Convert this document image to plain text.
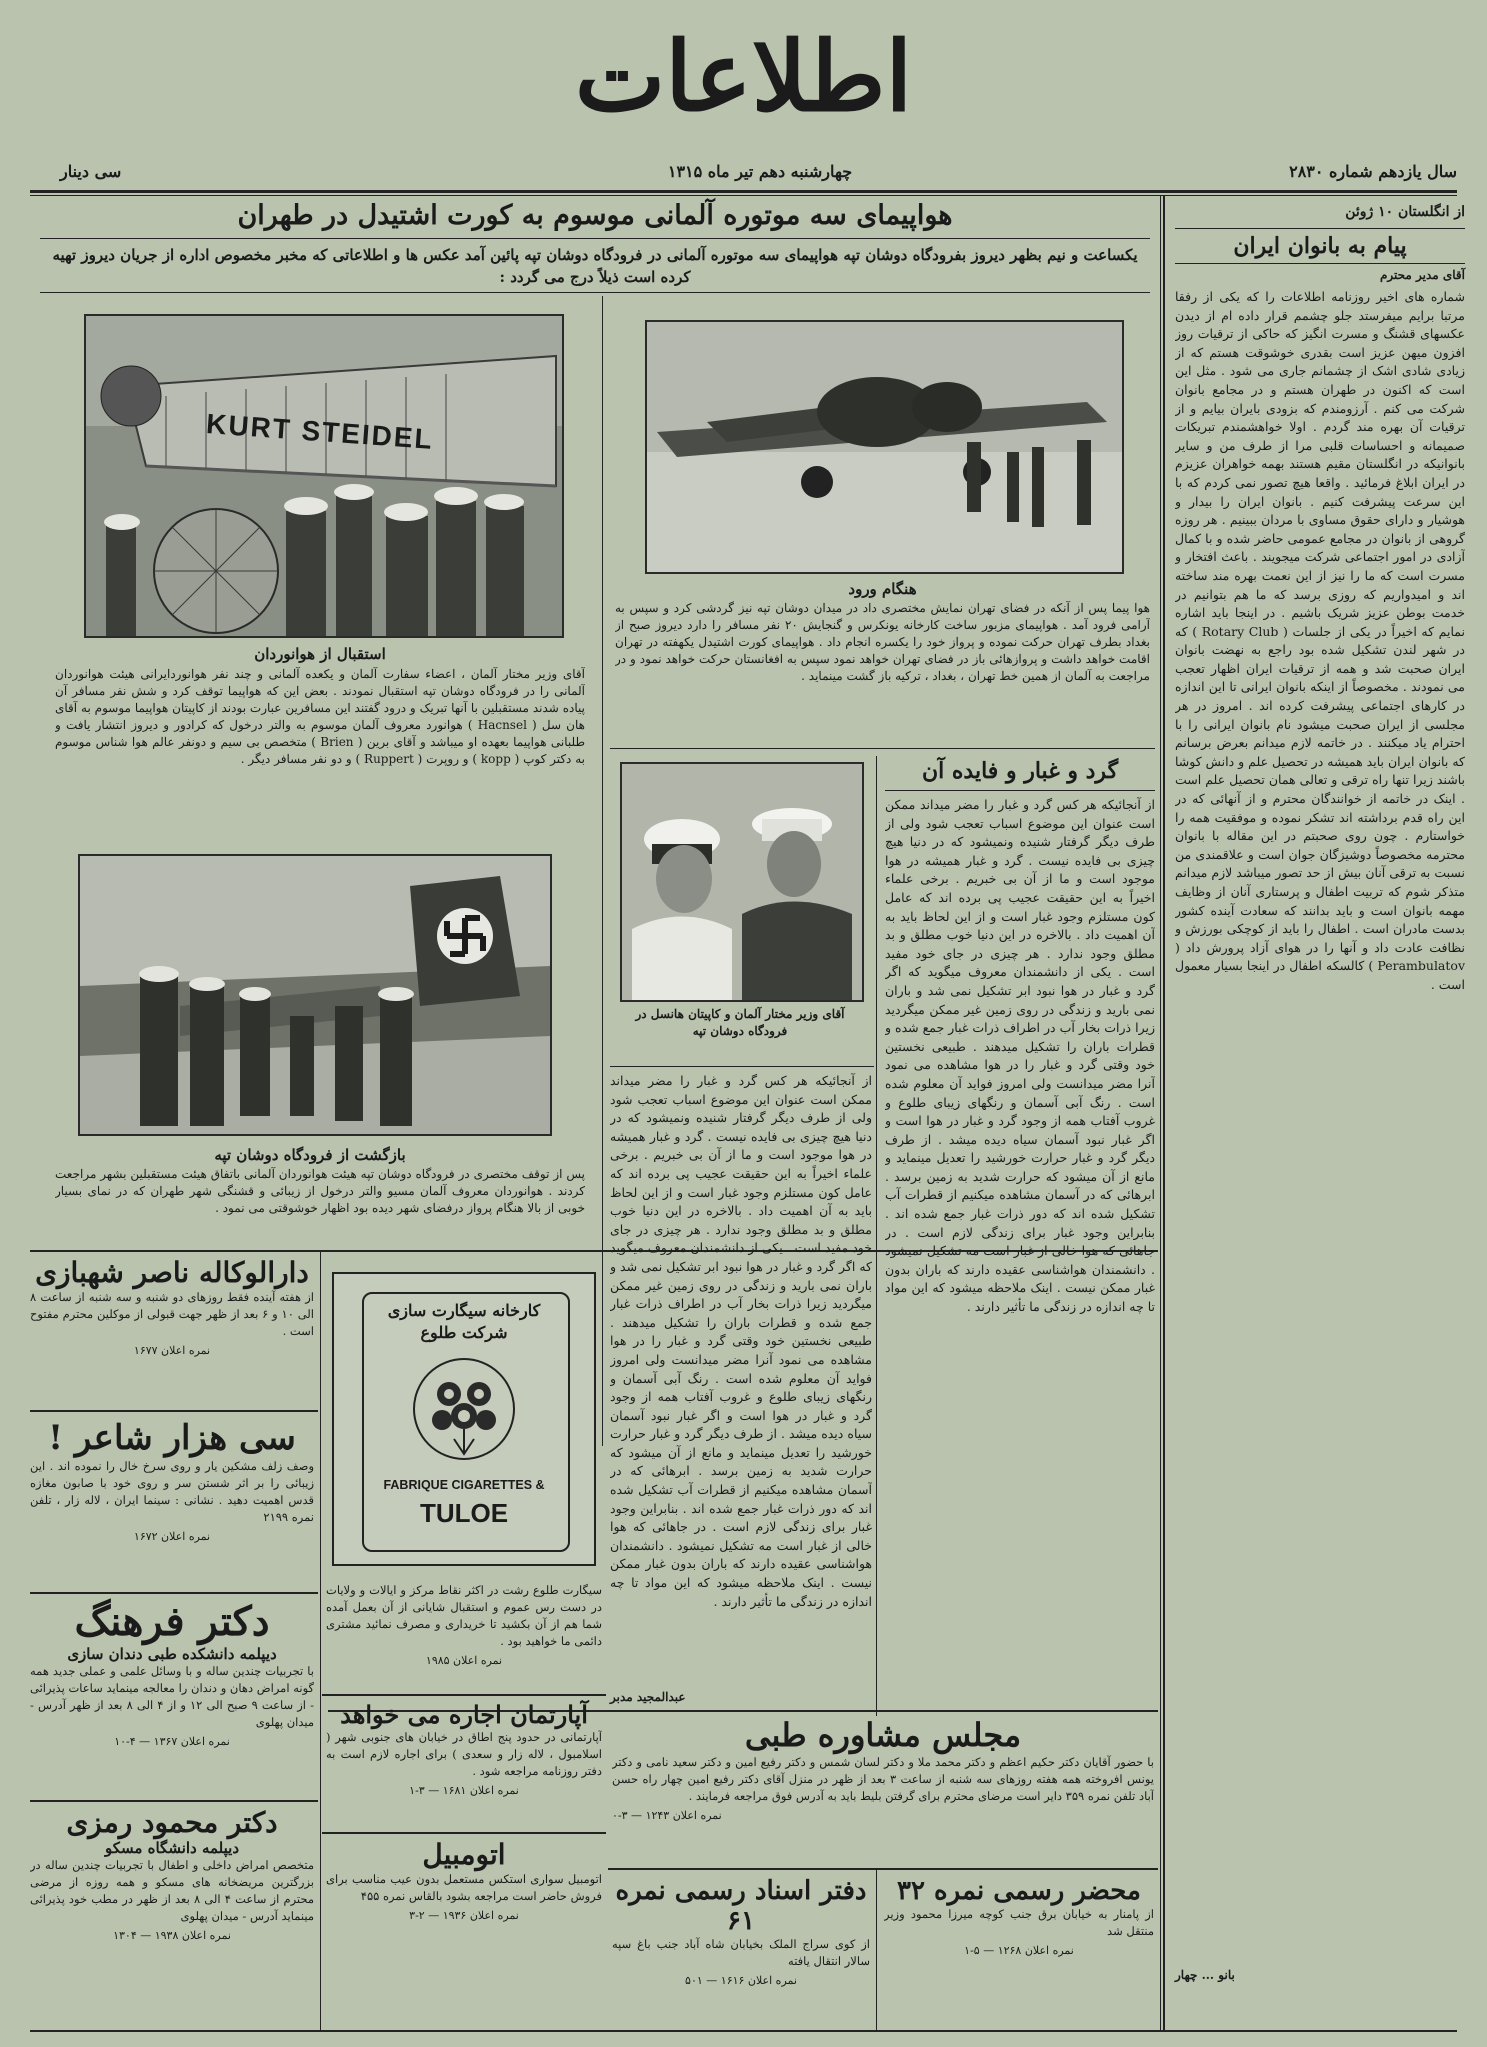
اطلاعات
سال یازدهم شماره ۲۸۳۰
چهارشنبه دهم تیر ماه ۱۳۱۵
سی دینار
از انگلستان ۱۰ ژوئن
پیام به بانوان ایران
آقای مدیر محترم
شماره های اخیر روزنامه اطلاعات را که یکی از رفقا مرتبا برایم میفرستد جلو چشمم قرار داده ام از دیدن عکسهای قشنگ و مسرت انگیز که حاکی از ترقیات روز افزون میهن عزیز است بقدری خوشوقت هستم که از زیادی شادی اشک از چشمانم جاری می شود . مثل این است که اکنون در طهران هستم و در مجامع بانوان شرکت می کنم . آرزومندم که بزودی بایران بیایم و از ترقیات آن بهره مند گردم . اولا خواهشمندم تبریکات صمیمانه و احساسات قلبی مرا از طرف من و سایر بانوانیکه در انگلستان مقیم هستند بهمه خواهران عزیزم در ایران ابلاغ فرمائید . واقعا هیچ تصور نمی کردم که با این سرعت پیشرفت کنیم . بانوان ایران را بیدار و هوشیار و دارای حقوق مساوی با مردان ببینیم . هر روزه گروهی از بانوان در مجامع عمومی حاضر شده و با کمال آزادی در امور اجتماعی شرکت میجویند . باعث افتخار و مسرت است که ما را نیز از این نعمت بهره مند ساخته اند و امیدواریم که روزی برسد که ما هم بتوانیم در خدمت بوطن عزیز شریک باشیم . در اینجا باید اشاره نمایم که اخیراً در یکی از جلسات ( Rotary Club ) که در شهر لندن تشکیل شده بود راجع به نهضت بانوان ایران صحبت شد و همه از ترقیات ایران اظهار تعجب می نمودند . مخصوصاً از اینکه بانوان ایرانی تا این اندازه در کارهای اجتماعی پیشرفت کرده اند . امروز در هر مجلسی از ایران صحبت میشود نام بانوان ایرانی را با احترام یاد میکنند . در خاتمه لازم میدانم بعرض برسانم که بانوان ایران باید همیشه در تحصیل علم و دانش کوشا باشند زیرا تنها راه ترقی و تعالی همان تحصیل علم است . اینک در خاتمه از خوانندگان محترم و از آنهائی که در این راه قدم برداشته اند تشکر نموده و موفقیت همه را خواستارم . چون روی صحبتم در این مقاله با بانوان محترمه مخصوصاً دوشیزگان جوان است و علاقمندی من نسبت به ترقی آنان بیش از حد تصور میباشد لازم میدانم متذکر شوم که تربیت اطفال و پرستاری آنان از وظایف مهمه بانوان است و باید بدانند که سعادت آینده کشور بدست مادران است . اطفال را باید از کوچکی بورزش و نظافت عادت داد و آنها را در هوای آزاد پرورش داد ( Perambulatov ) کالسکه اطفال در اینجا بسیار معمول است .
بانو ... چهار
هواپیمای سه موتوره آلمانی موسوم به کورت اشتیدل در طهران
یکساعت و نیم بظهر دیروز بفرودگاه دوشان تپه هواپیمای سه موتوره آلمانی در فرودگاه دوشان تپه پائین آمد عکس ها و اطلاعاتی که مخبر مخصوص اداره از جریان دیروز تهیه کرده است ذیلاً درج می گردد :
KURT STEIDEL
استقبال از هوانوردان
آقای وزیر مختار آلمان ، اعضاء سفارت آلمان و یکعده آلمانی و چند نفر هوانوردایرانی هیئت هوانوردان آلمانی را در فرودگاه دوشان تپه استقبال نمودند . بعض این که هواپیما توقف کرد و شش نفر مسافر آن پیاده شدند مستقبلین با آنها تبریک و درود گفتند این مسافرین عبارت بودند از کاپیتان هواپیما موسوم به آقای هان سل ( Hacnsel ) هوانورد معروف آلمان موسوم به والتر درخول که کرادور و دیروز انتشار یافت و طلبانی هواپیما بعهده او میباشد و آقای برین ( Brien ) متخصص بی سیم و دونفر عالم هوا شناس موسوم به دکتر کوپ ( kopp ) و روپرت ( Ruppert ) و دو نفر مسافر دیگر .
هنگام ورود
هوا پیما پس از آنکه در فضای تهران نمایش مختصری داد در میدان دوشان تپه نیز گردشی کرد و سپس به آرامی فرود آمد . هواپیمای مزبور ساخت کارخانه یونکرس و گنجایش ۲۰ نفر مسافر را دارد دیروز صبح از بغداد بطرف تهران حرکت نموده و پرواز خود را یکسره انجام داد . هواپیمای کورت اشتیدل یکهفته در تهران اقامت خواهد داشت و پروازهائی باز در فضای تهران خواهد نمود سپس به افغانستان حرکت خواهد نمود و در مراجعت به آلمان از همین خط تهران ، بغداد ، ترکیه باز گشت مینماید .
بازگشت از فرودگاه دوشان تپه
پس از توقف مختصری در فرودگاه دوشان تپه هیئت هوانوردان آلمانی باتفاق هیئت مستقبلین بشهر مراجعت کردند . هوانوردان معروف آلمان مسیو والتر درخول از زیبائی و قشنگی شهر طهران که در نمای بسیار خوبی از بالا هنگام پرواز درفضای شهر دیده بود اظهار خوشوقتی می نمود .
آقای وزیر مختار آلمان و کاپیتان هانسل در فرودگاه دوشان تپه
گرد و غبار و فایده آن
از آنجائیکه هر کس گرد و غبار را مضر میداند ممکن است عنوان این موضوع اسباب تعجب شود ولی از طرف دیگر گرفتار شنیده ونمیشود که در دنیا هیچ چیزی بی فایده نیست . گرد و غبار همیشه در هوا موجود است و ما از آن بی خبریم . برخی علماء اخیراً به این حقیقت عجیب پی برده اند که عامل کون مستلزم وجود غبار است و از این لحاظ باید به آن اهمیت داد . بالاخره در این دنیا خوب مطلق و بد مطلق وجود ندارد . هر چیزی در جای خود مفید است . یکی از دانشمندان معروف میگوید که اگر گرد و غبار در هوا نبود ابر تشکیل نمی شد و باران نمی بارید و زندگی در روی زمین غیر ممکن میگردید زیرا ذرات بخار آب در اطراف ذرات غبار جمع شده و قطرات باران را تشکیل میدهند . طبیعی نخستین خود وقتی گرد و غبار را در هوا مشاهده می نمود آنرا مضر میدانست ولی امروز فواید آن معلوم شده است . رنگ آبی آسمان و رنگهای زیبای طلوع و غروب آفتاب همه از وجود گرد و غبار در هوا است و اگر غبار نبود آسمان سیاه دیده میشد . از طرف دیگر گرد و غبار حرارت خورشید را تعدیل مینماید و مانع از آن میشود که حرارت شدید به زمین برسد . ابرهائی که در آسمان مشاهده میکنیم از قطرات آب تشکیل شده اند که دور ذرات غبار جمع شده اند . بنابراین وجود غبار برای زندگی لازم است . در جاهائی که هوا خالی از غبار است مه تشکیل نمیشود . دانشمندان هواشناسی عقیده دارند که باران بدون غبار ممکن نیست . اینک ملاحظه میشود که این مواد تا چه اندازه در زندگی ما تأثیر دارند .
از آنجائیکه هر کس گرد و غبار را مضر میداند ممکن است عنوان این موضوع اسباب تعجب شود ولی از طرف دیگر گرفتار شنیده ونمیشود که در دنیا هیچ چیزی بی فایده نیست . گرد و غبار همیشه در هوا موجود است و ما از آن بی خبریم . برخی علماء اخیراً به این حقیقت عجیب پی برده اند که عامل کون مستلزم وجود غبار است و از این لحاظ باید به آن اهمیت داد . بالاخره در این دنیا خوب مطلق و بد مطلق وجود ندارد . هر چیزی در جای خود مفید است . یکی از دانشمندان معروف میگوید که اگر گرد و غبار در هوا نبود ابر تشکیل نمی شد و باران نمی بارید و زندگی در روی زمین غیر ممکن میگردید زیرا ذرات بخار آب در اطراف ذرات غبار جمع شده و قطرات باران را تشکیل میدهند . طبیعی نخستین خود وقتی گرد و غبار را در هوا مشاهده می نمود آنرا مضر میدانست ولی امروز فواید آن معلوم شده است . رنگ آبی آسمان و رنگهای زیبای طلوع و غروب آفتاب همه از وجود گرد و غبار در هوا است و اگر غبار نبود آسمان سیاه دیده میشد . از طرف دیگر گرد و غبار حرارت خورشید را تعدیل مینماید و مانع از آن میشود که حرارت شدید به زمین برسد . ابرهائی که در آسمان مشاهده میکنیم از قطرات آب تشکیل شده اند که دور ذرات غبار جمع شده اند . بنابراین وجود غبار برای زندگی لازم است . در جاهائی که هوا خالی از غبار است مه تشکیل نمیشود . دانشمندان هواشناسی عقیده دارند که باران بدون غبار ممکن نیست . اینک ملاحظه میشود که این مواد تا چه اندازه در زندگی ما تأثیر دارند .
عبدالمجید مدبر
دارالوکاله ناصر شهبازی
از هفته آینده فقط روزهای دو شنبه و سه شنبه از ساعت ۸ الی ۱۰ و ۶ بعد از ظهر جهت قبولی از موکلین محترم مفتوح است .
نمره اعلان ۱۶۷۷
سی هزار شاعر !
وصف زلف مشکین یار و روی سرخ خال را نموده اند . این زیبائی را بر اثر شستن سر و روی خود با صابون مغازه قدس اهمیت دهید . نشانی : سینما ایران ، لاله زار ، تلفن نمره ۲۱۹۹
نمره اعلان ۱۶۷۲
دکتر فرهنگ
دیپلمه دانشکده طبی دندان سازی
با تجربیات چندین ساله و با وسائل علمی و عملی جدید همه گونه امراض دهان و دندان را معالجه مینماید ساعات پذیرائی - از ساعت ۹ صبح الی ۱۲ و از ۴ الی ۸ بعد از ظهر آدرس - میدان پهلوی
نمره اعلان ۱۳۶۷ — ۴-۱۰
دکتر محمود رمزی
دیپلمه دانشگاه مسکو
متخصص امراض داخلی و اطفال با تجربیات چندین ساله در بزرگترین مریضخانه های مسکو و همه روزه از مرضی محترم از ساعت ۴ الی ۸ بعد از ظهر در مطب خود پذیرائی مینماید آدرس - میدان پهلوی
نمره اعلان ۱۹۳۸ — ۱۳۰۴
کارخانه سیگارت سازی شرکت طلوع
FABRIQUE CIGARETTES &
TULOE
سیگارت طلوع رشت در اکثر نقاط مرکز و ایالات و ولایات در دست رس عموم و استقبال شایانی از آن بعمل آمده شما هم از آن بکشید تا خریداری و مصرف نمائید مشتری دائمی ما خواهید بود .
نمره اعلان ۱۹۸۵
آپارتمان اجاره می خواهد
آپارتمانی در حدود پنج اطاق در خیابان های جنوبی شهر ( اسلامبول ، لاله زار و سعدی ) برای اجاره لازم است به دفتر روزنامه مراجعه شود .
نمره اعلان ۱۶۸۱ — ۳-۱
اتومبیل
اتومبیل سواری استکس مستعمل بدون عیب مناسب برای فروش حاضر است مراجعه بشود بالقاس نمره ۴۵۵
نمره اعلان ۱۹۳۶ — ۲-۳
مجلس مشاوره طبی
با حضور آقایان دکتر حکیم اعظم و دکتر محمد ملا و دکتر لسان شمس و دکتر رفیع امین و دکتر سعید نامی و دکتر یونس افروخته همه هفته روزهای سه شنبه از ساعت ۳ بعد از ظهر در منزل آقای دکتر رفیع امین چهار راه حسن آباد تلفن نمره ۳۵۹ دایر است مرضای محترم برای گرفتن بلیط باید به آدرس فوق مراجعه فرمایند .
نمره اعلان ۱۲۴۳ — ۳-۰
دفتر اسناد رسمی نمره ۶۱
از کوی سراج الملک بخیابان شاه آباد جنب باغ سپه سالار انتقال یافته
نمره اعلان ۱۶۱۶ — ۵۰۱
محضر رسمی نمره ۳۲
از پامنار به خیابان برق جنب کوچه میرزا محمود وزیر منتقل شد
نمره اعلان ۱۲۶۸ — ۵-۱
